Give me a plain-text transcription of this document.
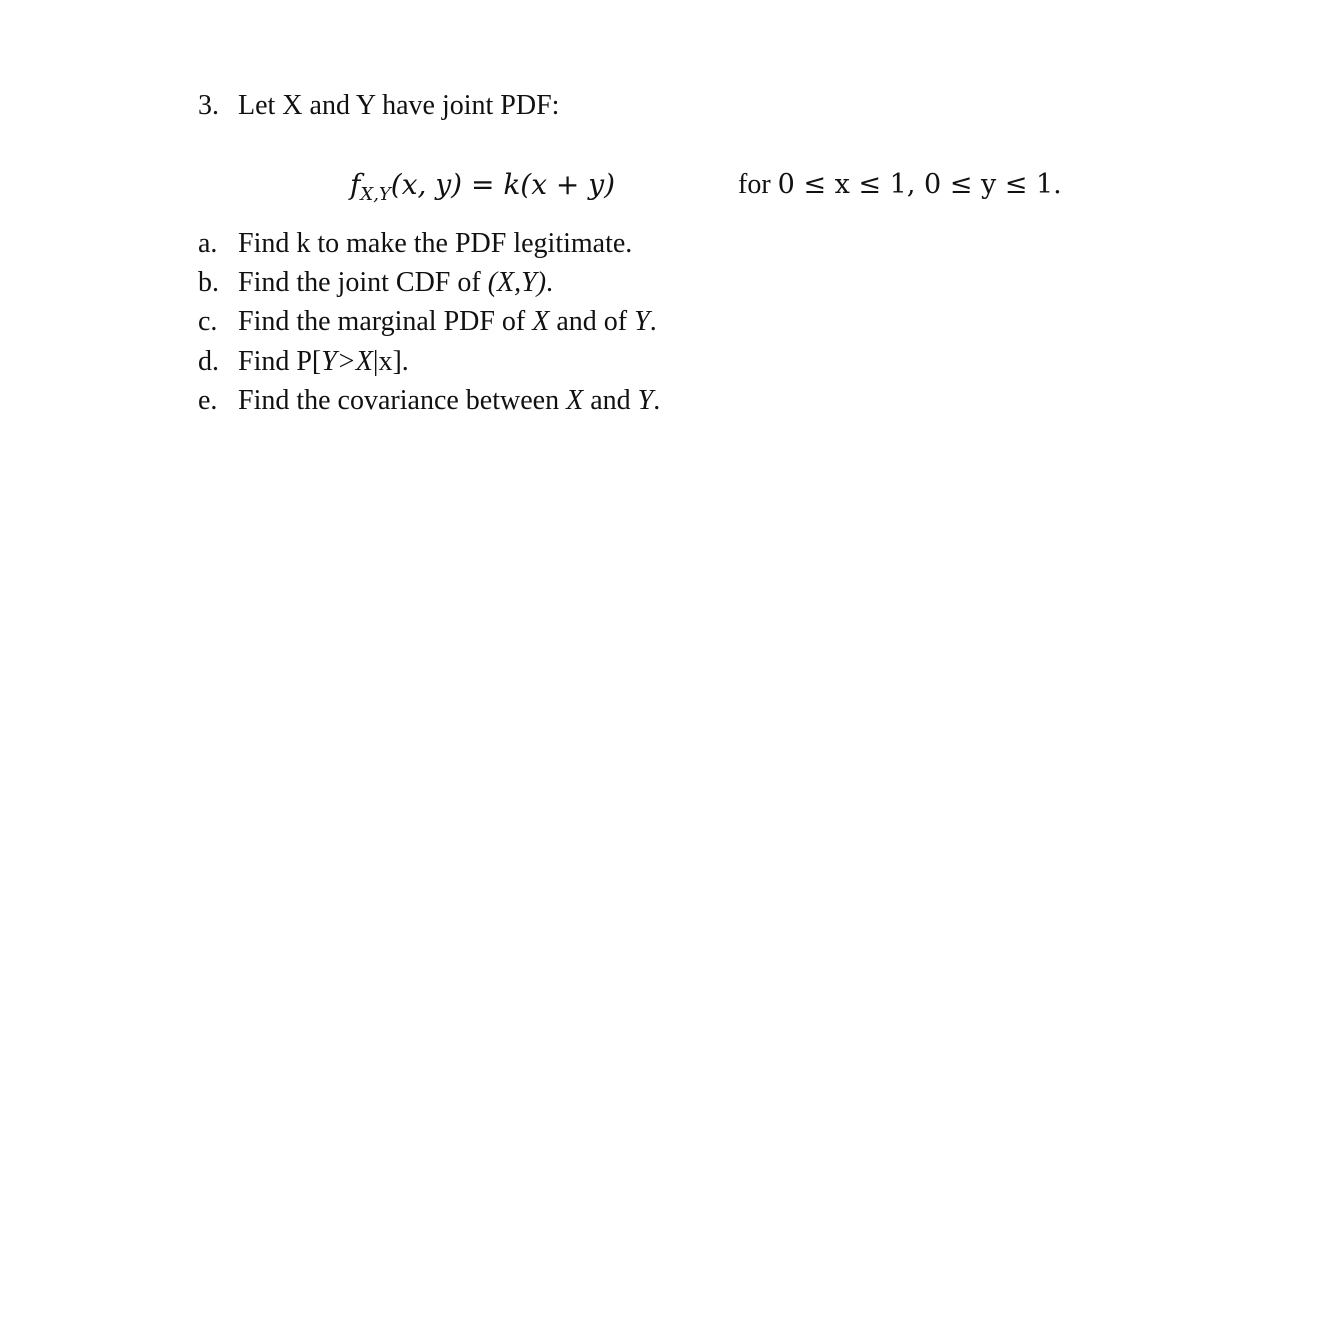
3. Let X and Y have joint PDF:
$f_{X,Y}(x$, y) = k(x + y)	for 0 ≤ x ≤ 1, 0 ≤ y ≤ 1.
a. Find k to make the PDF legitimate.
b. Find the joint CDF of (X,Y).
c. Find the marginal PDF of X and of Y.
d. Find P[Y>X|x].
e. Find the covariance between X and Y.
